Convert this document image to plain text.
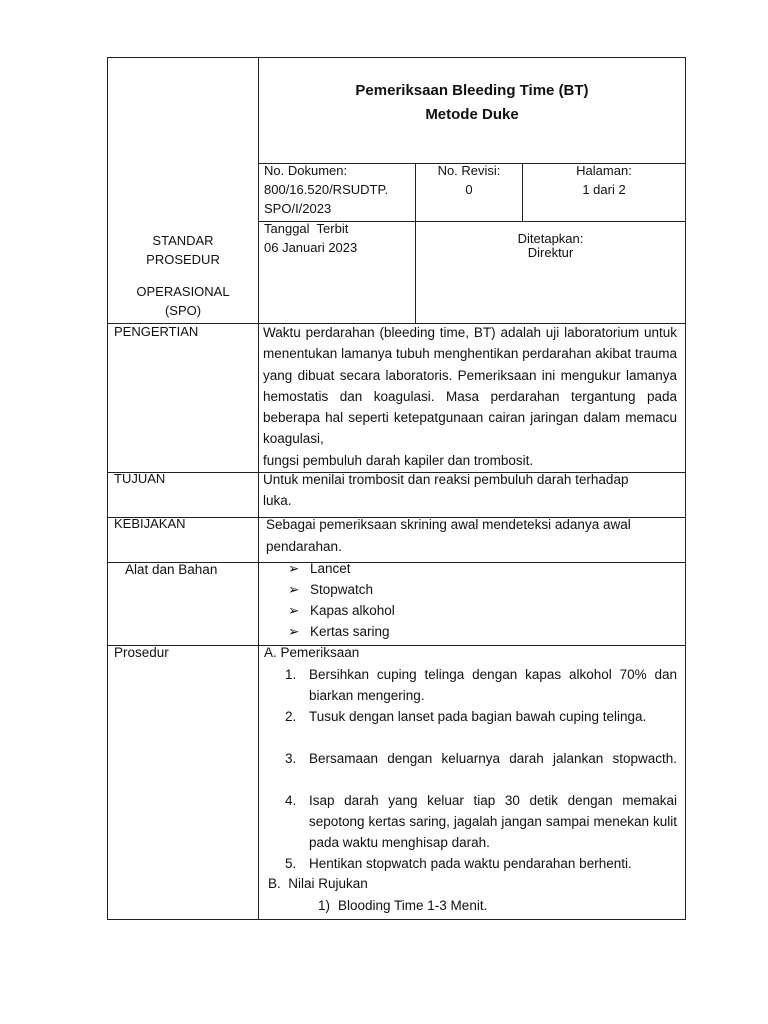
Pemeriksaan Bleeding Time (BT)
Metode Duke
No. Dokumen:
800/16.520/RSUDTP.
SPO/I/2023
No. Revisi:
0
Halaman:
1 dari 2
Tanggal  Terbit
06 Januari 2023
Ditetapkan:
Direktur
STANDAR
PROSEDUR
OPERASIONAL
(SPO)
PENGERTIAN	Waktu perdarahan (bleeding time, BT) adalah uji laboratorium untuk menentukan lamanya tubuh menghentikan perdarahan akibat trauma yang dibuat secara laboratoris. Pemeriksaan ini mengukur lamanya hemostatis dan koagulasi. Masa perdarahan tergantung pada beberapa hal seperti ketepatgunaan cairan jaringan dalam memacu koagulasi,
fungsi pembuluh darah kapiler dan trombosit.
TUJUAN	Untuk menilai trombosit dan reaksi pembuluh darah terhadap
luka.
KEBIJAKAN	Sebagai pemeriksaan skrining awal mendeteksi adanya awal
pendarahan.
Alat dan Bahan	➢ Lancet
➢ Stopwatch
➢ Kapas alkohol
➢ Kertas saring
Prosedur	A. Pemeriksaan
1. Bersihkan cuping telinga dengan kapas alkohol 70% dan biarkan mengering.
2. Tusuk dengan lanset pada bagian bawah cuping telinga.
3. Bersamaan dengan keluarnya darah jalankan stopwacth.
4. Isap darah yang keluar tiap 30 detik dengan memakai sepotong kertas saring, jagalah jangan sampai menekan kulit pada waktu menghisap darah.
5. Hentikan stopwatch pada waktu pendarahan berhenti.
B.  Nilai Rujukan
1) Blooding Time 1-3 Menit.
